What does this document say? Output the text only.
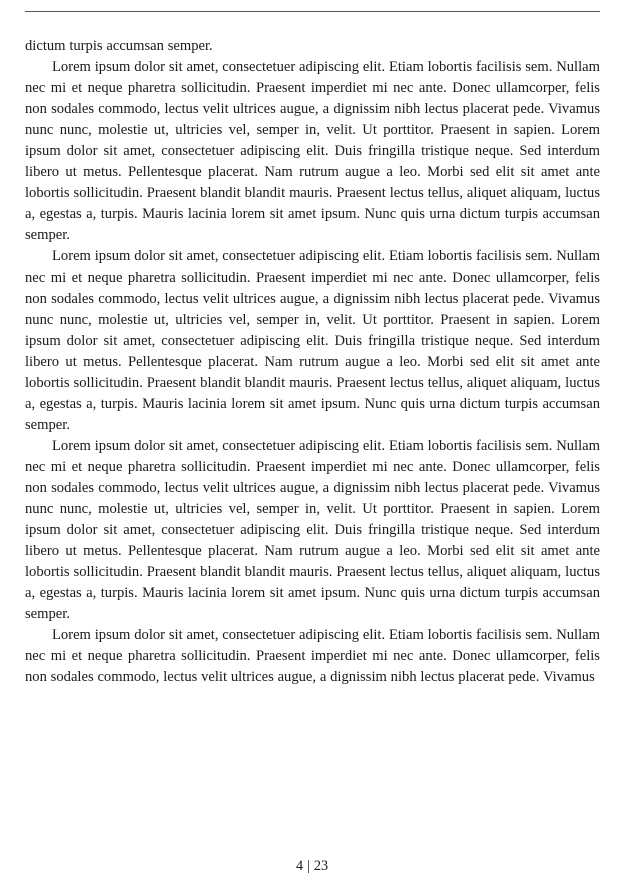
dictum turpis accumsan semper.

Lorem ipsum dolor sit amet, consectetuer adipiscing elit. Etiam lobortis facilisis sem. Nullam nec mi et neque pharetra sollicitudin. Praesent imperdiet mi nec ante. Donec ullamcorper, felis non sodales commodo, lectus velit ultrices augue, a dignissim nibh lectus placerat pede. Vivamus nunc nunc, molestie ut, ultricies vel, semper in, velit. Ut porttitor. Praesent in sapien. Lorem ipsum dolor sit amet, consectetuer adipiscing elit. Duis fringilla tristique neque. Sed interdum libero ut metus. Pellentesque placerat. Nam rutrum augue a leo. Morbi sed elit sit amet ante lobortis sollicitudin. Praesent blandit blandit mauris. Praesent lectus tellus, aliquet aliquam, luctus a, egestas a, turpis. Mauris lacinia lorem sit amet ipsum. Nunc quis urna dictum turpis accumsan semper.

Lorem ipsum dolor sit amet, consectetuer adipiscing elit. Etiam lobortis facilisis sem. Nullam nec mi et neque pharetra sollicitudin. Praesent imperdiet mi nec ante. Donec ullamcorper, felis non sodales commodo, lectus velit ultrices augue, a dignissim nibh lectus placerat pede. Vivamus nunc nunc, molestie ut, ultricies vel, semper in, velit. Ut porttitor. Praesent in sapien. Lorem ipsum dolor sit amet, consectetuer adipiscing elit. Duis fringilla tristique neque. Sed interdum libero ut metus. Pellentesque placerat. Nam rutrum augue a leo. Morbi sed elit sit amet ante lobortis sollicitudin. Praesent blandit blandit mauris. Praesent lectus tellus, aliquet aliquam, luctus a, egestas a, turpis. Mauris lacinia lorem sit amet ipsum. Nunc quis urna dictum turpis accumsan semper.

Lorem ipsum dolor sit amet, consectetuer adipiscing elit. Etiam lobortis facilisis sem. Nullam nec mi et neque pharetra sollicitudin. Praesent imperdiet mi nec ante. Donec ullamcorper, felis non sodales commodo, lectus velit ultrices augue, a dignissim nibh lectus placerat pede. Vivamus nunc nunc, molestie ut, ultricies vel, semper in, velit. Ut porttitor. Praesent in sapien. Lorem ipsum dolor sit amet, consectetuer adipiscing elit. Duis fringilla tristique neque. Sed interdum libero ut metus. Pellentesque placerat. Nam rutrum augue a leo. Morbi sed elit sit amet ante lobortis sollicitudin. Praesent blandit blandit mauris. Praesent lectus tellus, aliquet aliquam, luctus a, egestas a, turpis. Mauris lacinia lorem sit amet ipsum. Nunc quis urna dictum turpis accumsan semper.

Lorem ipsum dolor sit amet, consectetuer adipiscing elit. Etiam lobortis facilisis sem. Nullam nec mi et neque pharetra sollicitudin. Praesent imperdiet mi nec ante. Donec ullamcorper, felis non sodales commodo, lectus velit ultrices augue, a dignissim nibh lectus placerat pede. Vivamus

4 | 23
